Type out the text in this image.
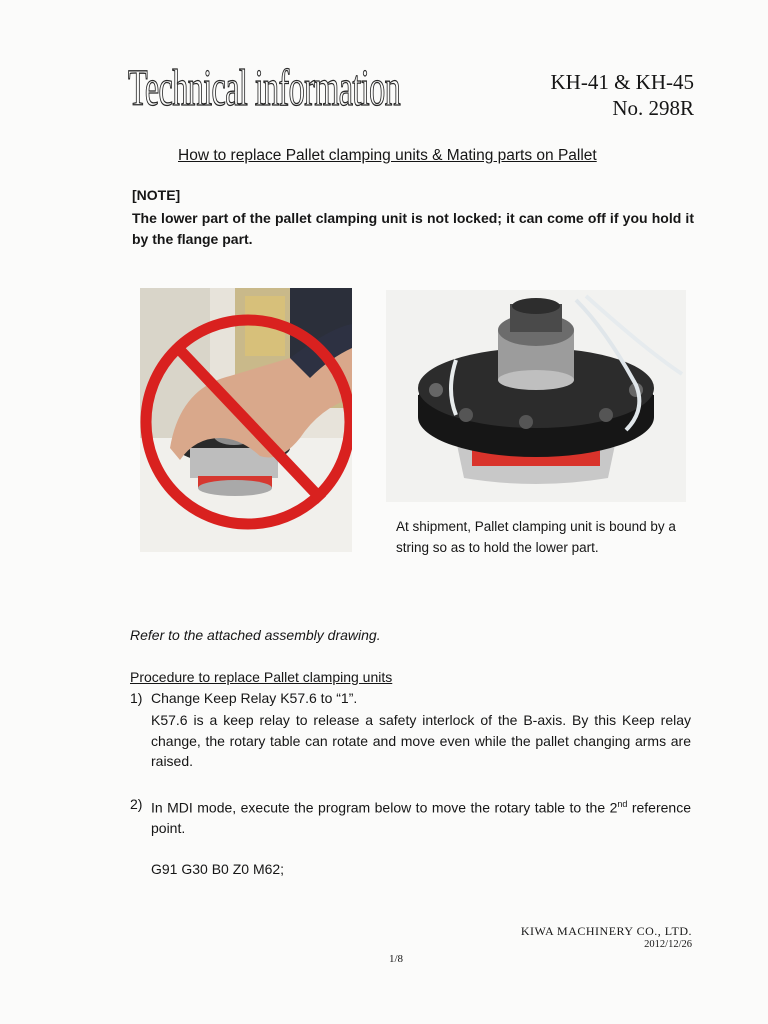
Technical information	KH-41 & KH-45
No. 298R
How to replace Pallet clamping units & Mating parts on Pallet
[NOTE]
The lower part of the pallet clamping unit is not locked; it can come off if you hold it by the flange part.
At shipment, Pallet clamping unit is bound by a string so as to hold the lower part.
Refer to the attached assembly drawing.
Procedure to replace Pallet clamping units
1) Change Keep Relay K57.6 to “1”.
K57.6 is a keep relay to release a safety interlock of the B-axis. By this Keep relay change, the rotary table can rotate and move even while the pallet changing arms are raised.
2) In MDI mode, execute the program below to move the rotary table to the 2nd reference point.
G91 G30 B0 Z0 M62;
KIWA MACHINERY CO., LTD.
2012/12/26
1/8
